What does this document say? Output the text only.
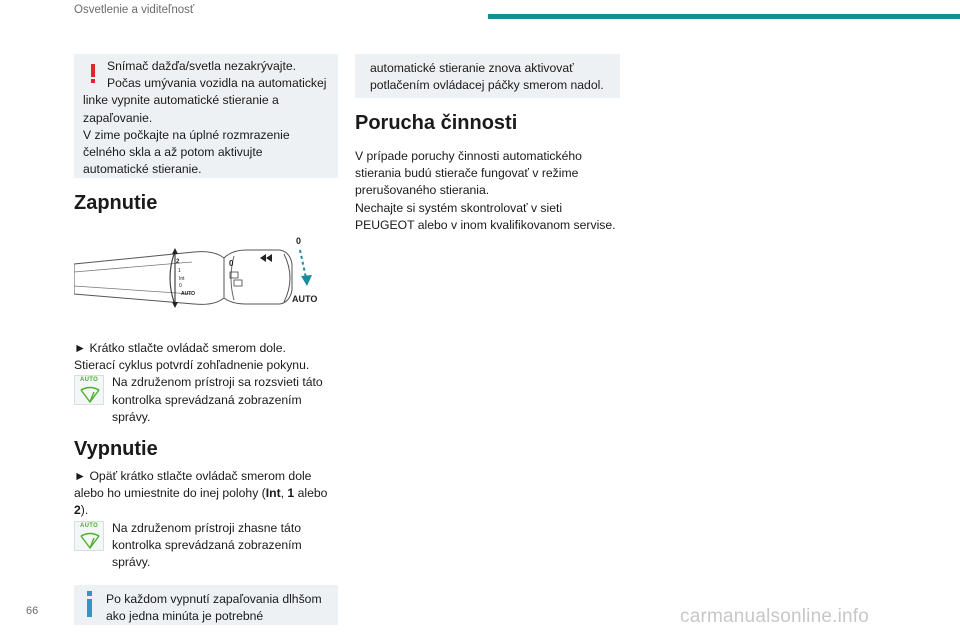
Osvetlenie a viditeľnosť
Snímač dažďa/svetla nezakrývajte.
Počas umývania vozidla na automatickej linke vypnite automatické stieranie a zapaľovanie.
V zime počkajte na úplné rozmrazenie čelného skla a až potom aktivujte automatické stieranie.
Zapnutie
2
1
Int
0
AUTO
0
0
AUTO

► Krátko stlačte ovládač smerom dole.

Stierací cyklus potvrdí zohľadnenie pokynu.

AUTO	Na združenom prístroji sa rozsvieti táto kontrolka sprevádzaná zobrazením správy.

Vypnutie

► Opäť krátko stlačte ovládač smerom dole alebo ho umiestnite do inej polohy (Int, 1 alebo 2).

AUTO	Na združenom prístroji zhasne táto kontrolka sprevádzaná zobrazením správy.

Po každom vypnutí zapaľovania dlhšom ako jedna minúta je potrebné
automatické stieranie znova aktivovať potlačením ovládacej páčky smerom nadol.
Porucha činnosti

V prípade poruchy činnosti automatického stierania budú stierače fungovať v režime prerušovaného stierania.

Nechajte si systém skontrolovať v sieti PEUGEOT alebo v inom kvalifikovanom servise.

66	carmanualsonline.info
